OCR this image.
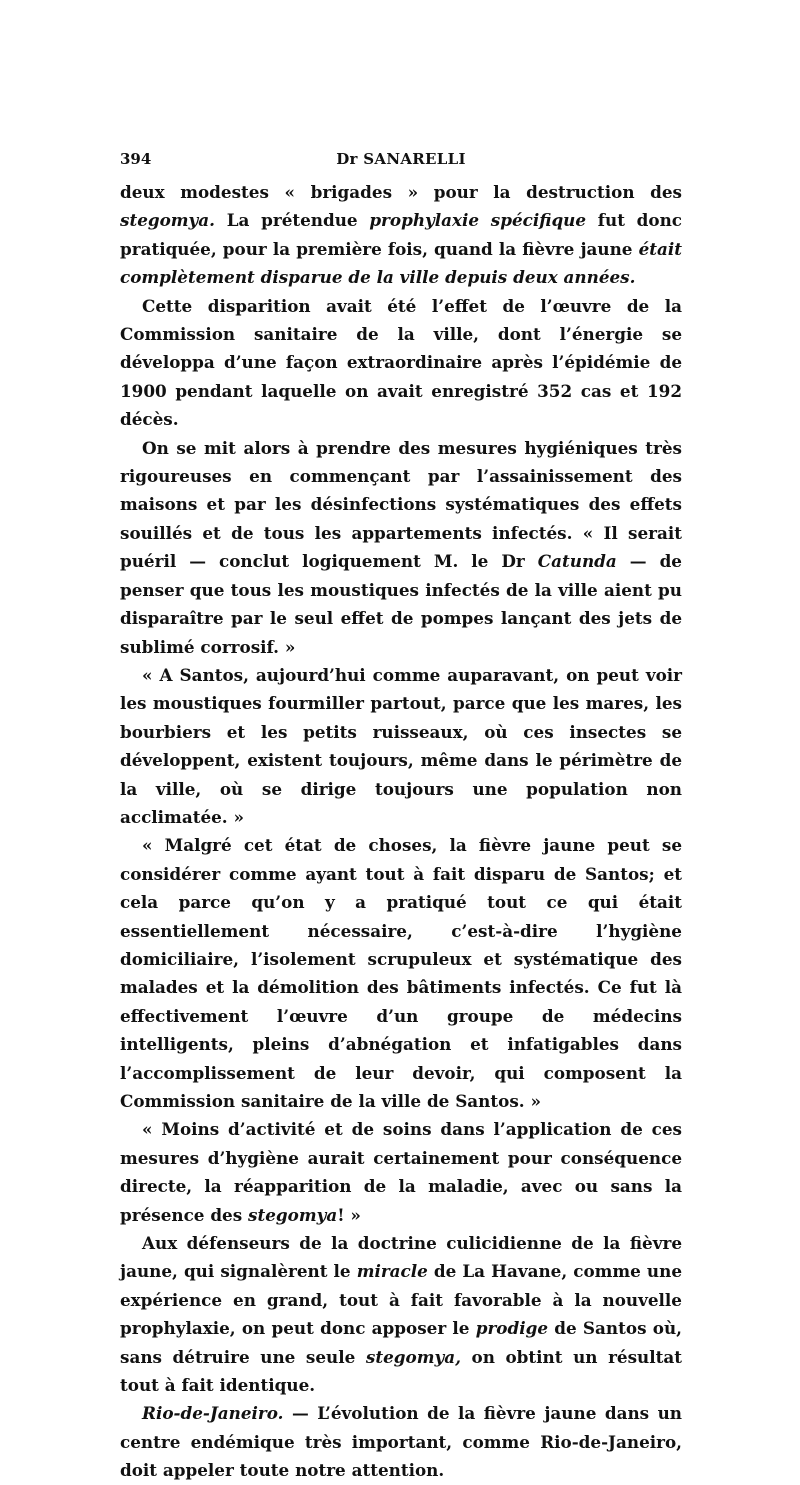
394	Dr SANARELLI

deux modestes « brigades » pour la destruction des stegomya. La prétendue prophylaxie spécifique fut donc pratiquée, pour la première fois, quand la fièvre jaune était complètement disparue de la ville depuis deux années.

Cette disparition avait été l’effet de l’œuvre de la Commission sanitaire de la ville, dont l’énergie se développa d’une façon extraordinaire après l’épidémie de 1900 pendant laquelle on avait enregistré 352 cas et 192 décès.

On se mit alors à prendre des mesures hygiéniques très rigoureuses en commençant par l’assainissement des maisons et par les désinfections systématiques des effets souillés et de tous les appartements infectés. « Il serait puéril — conclut logiquement M. le Dr Catunda — de penser que tous les moustiques infectés de la ville aient pu disparaître par le seul effet de pompes lançant des jets de sublimé corrosif. »

« A Santos, aujourd’hui comme auparavant, on peut voir les moustiques fourmiller partout, parce que les mares, les bourbiers et les petits ruisseaux, où ces insectes se développent, existent toujours, même dans le périmètre de la ville, où se dirige toujours une population non acclimatée. »

« Malgré cet état de choses, la fièvre jaune peut se considérer comme ayant tout à fait disparu de Santos; et cela parce qu’on y a pratiqué tout ce qui était essentiellement nécessaire, c’est-à-dire l’hygiène domiciliaire, l’isolement scrupuleux et systématique des malades et la démolition des bâtiments infectés. Ce fut là effectivement l’œuvre d’un groupe de médecins intelligents, pleins d’abnégation et infatigables dans l’accomplissement de leur devoir, qui composent la Commission sanitaire de la ville de Santos. »

« Moins d’activité et de soins dans l’application de ces mesures d’hygiène aurait certainement pour conséquence directe, la réapparition de la maladie, avec ou sans la présence des stegomya! »

Aux défenseurs de la doctrine culicidienne de la fièvre jaune, qui signalèrent le miracle de La Havane, comme une expérience en grand, tout à fait favorable à la nouvelle prophylaxie, on peut donc apposer le prodige de Santos où, sans détruire une seule stegomya, on obtint un résultat tout à fait identique.

Rio-de-Janeiro. — L’évolution de la fièvre jaune dans un centre endémique très important, comme Rio-de-Janeiro, doit appeler toute notre attention.
